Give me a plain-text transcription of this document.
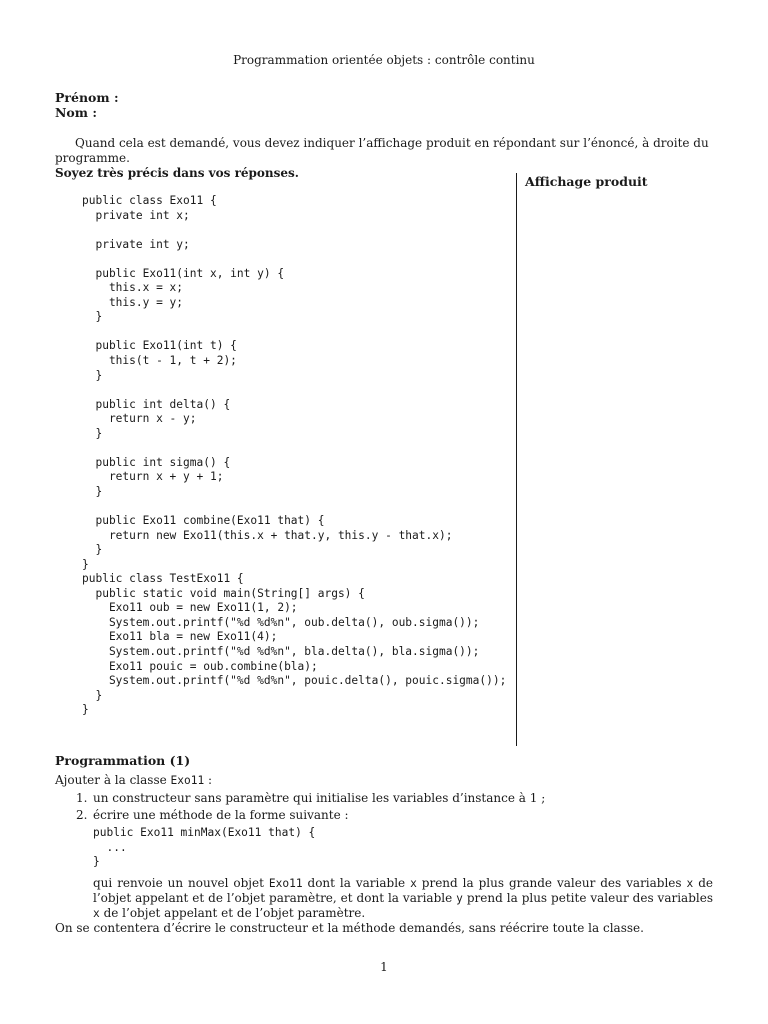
Programmation orientée objets : contrôle continu
Prénom :
Nom :
Quand cela est demandé, vous devez indiquer l’affichage produit en répondant sur l’énoncé, à droite du programme.
Soyez très précis dans vos réponses.
Affichage produit
public class Exo11 {
private int x;

private int y;

public Exo11(int x, int y) {
this.x = x;
this.y = y;
}

public Exo11(int t) {
this(t - 1, t + 2);
}

public int delta() {
return x - y;
}

public int sigma() {
return x + y + 1;
}

public Exo11 combine(Exo11 that) {
return new Exo11(this.x + that.y, this.y - that.x);
}
}
public class TestExo11 {
public static void main(String[] args) {
Exo11 oub = new Exo11(1, 2);
System.out.printf("%d %d%n", oub.delta(), oub.sigma());
Exo11 bla = new Exo11(4);
System.out.printf("%d %d%n", bla.delta(), bla.sigma());
Exo11 pouic = oub.combine(bla);
System.out.printf("%d %d%n", pouic.delta(), pouic.sigma());
}
}
Programmation (1)
Ajouter à la classe Exo11 :
1. un constructeur sans paramètre qui initialise les variables d’instance à 1 ;
2. écrire une méthode de la forme suivante :
public Exo11 minMax(Exo11 that) {
...
}
qui renvoie un nouvel objet Exo11 dont la variable x prend la plus grande valeur des variables x de l’objet appelant et de l’objet paramètre, et dont la variable y prend la plus petite valeur des variables x de l’objet appelant et de l’objet paramètre.
On se contentera d’écrire le constructeur et la méthode demandés, sans réécrire toute la classe.
1
